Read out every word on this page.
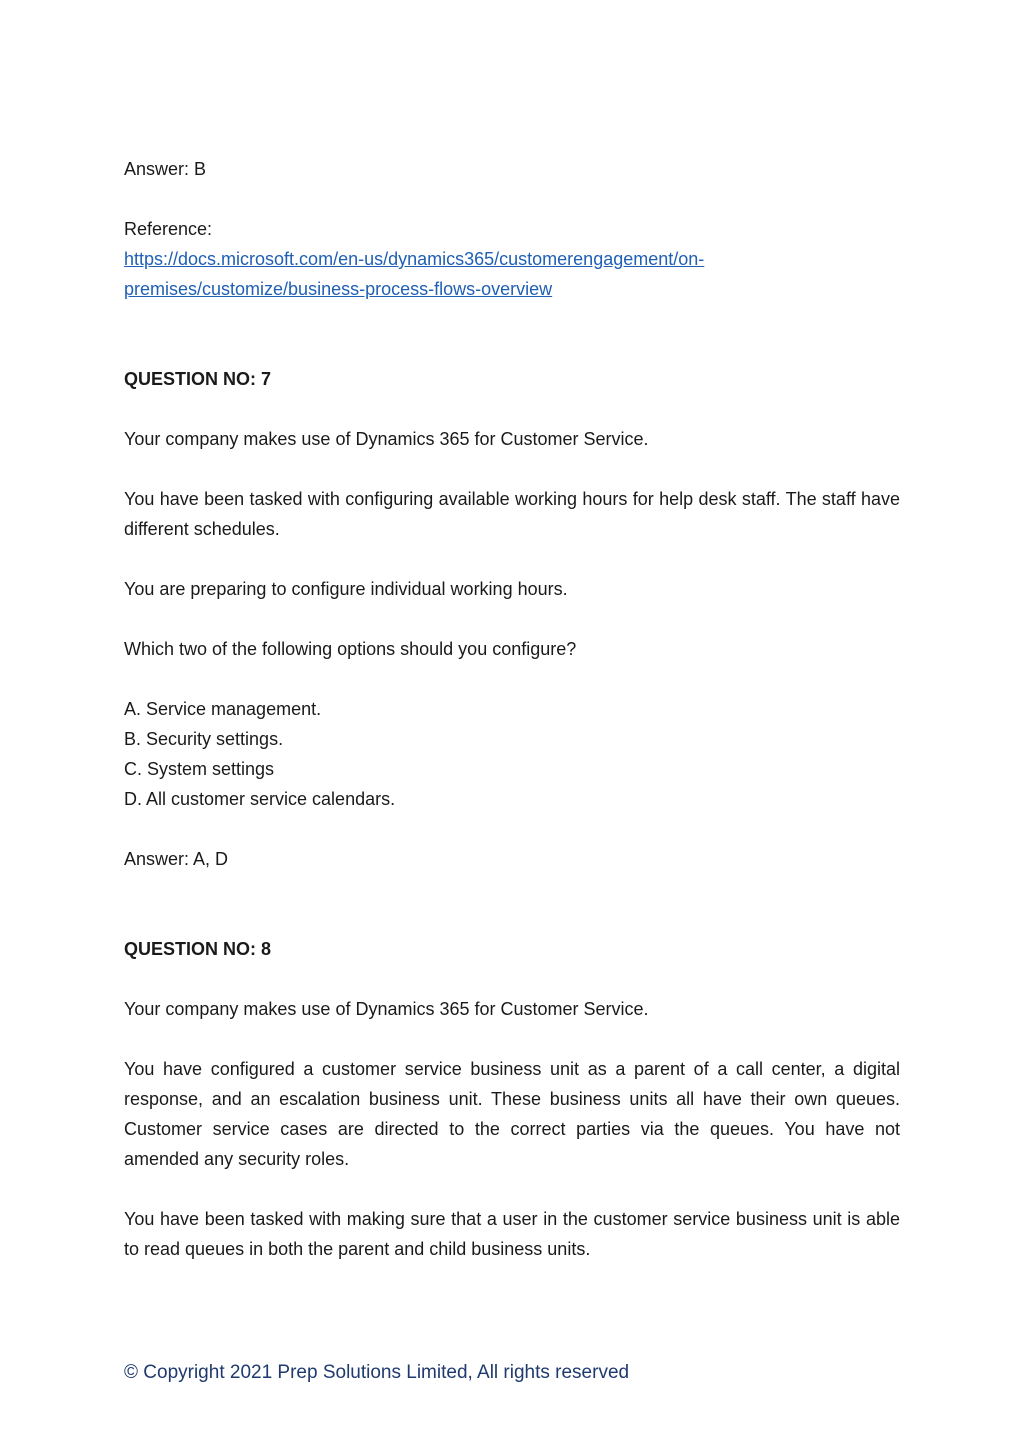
Answer: B

Reference:

https://docs.microsoft.com/en-us/dynamics365/customerengagement/on-
premises/customize/business-process-flows-overview

QUESTION NO: 7

Your company makes use of Dynamics 365 for Customer Service.

You have been tasked with configuring available working hours for help desk staff. The staff have different schedules.

You are preparing to configure individual working hours.

Which two of the following options should you configure?

A. Service management.
B. Security settings.
C. System settings
D. All customer service calendars.

Answer: A, D

QUESTION NO: 8

Your company makes use of Dynamics 365 for Customer Service.

You have configured a customer service business unit as a parent of a call center, a digital response, and an escalation business unit. These business units all have their own queues. Customer service cases are directed to the correct parties via the queues. You have not amended any security roles.

You have been tasked with making sure that a user in the customer service business unit is able to read queues in both the parent and child business units.

© Copyright 2021 Prep Solutions Limited, All rights reserved
